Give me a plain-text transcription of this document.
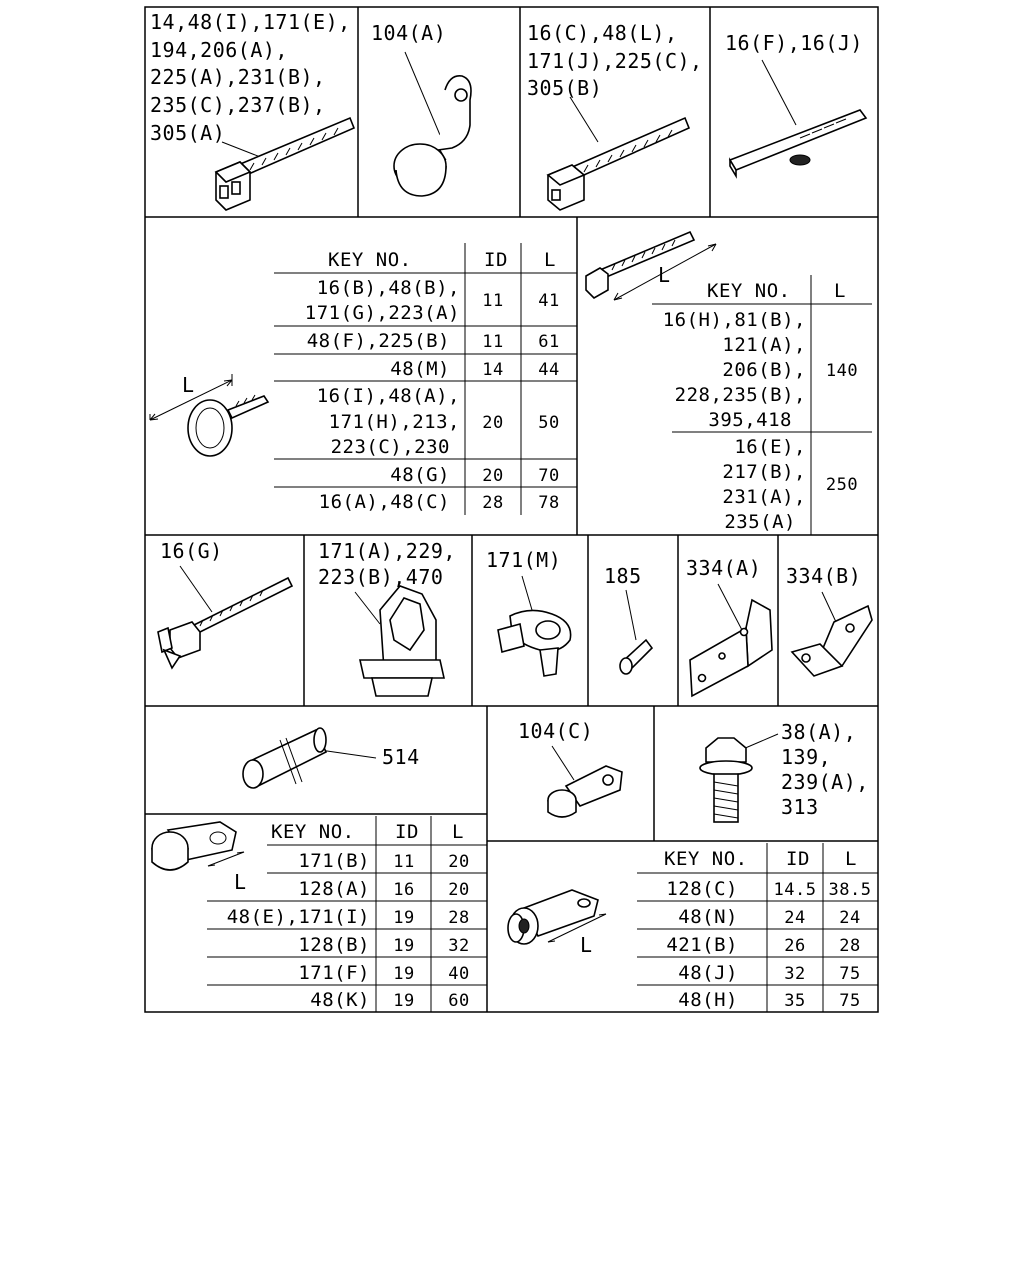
14,48(I),171(E),
194,206(A),
225(A),231(B),
235(C),237(B),
305(A)
104(A)	16(C),48(L),
171(J),225(C),
305(B)
16(F),16(J)
L
KEY NO.	ID L
16(B),48(B),
171(G),223(A)
11 41
48(F),225(B) 11 61
48(M) 14 44
16(I),48(A),
171(H),213,
223(C),230
20 50
48(G) 20 70
16(A),48(C) 28 78
L
KEY NO. L
16(H),81(B),
121(A),
206(B),
228,235(B),
395,418
140
16(E),
217(B),
231(A),
235(A)
250
16(G)	171(A),229,
223(B),470
171(M)
185 334(A) 334(B)
514
104(C)	38(A),
139,
239(A),
313
L
KEY NO. ID L
171(B) 11 20
128(A) 16 20
48(E),171(I) 19 28
128(B) 19 32
171(F) 19 40
48(K) 19 60
L
KEY NO. ID L
128(C) 14.5 38.5
48(N)	24 24
421(B)	26 28
48(J)	32 75
48(H)	35 75
